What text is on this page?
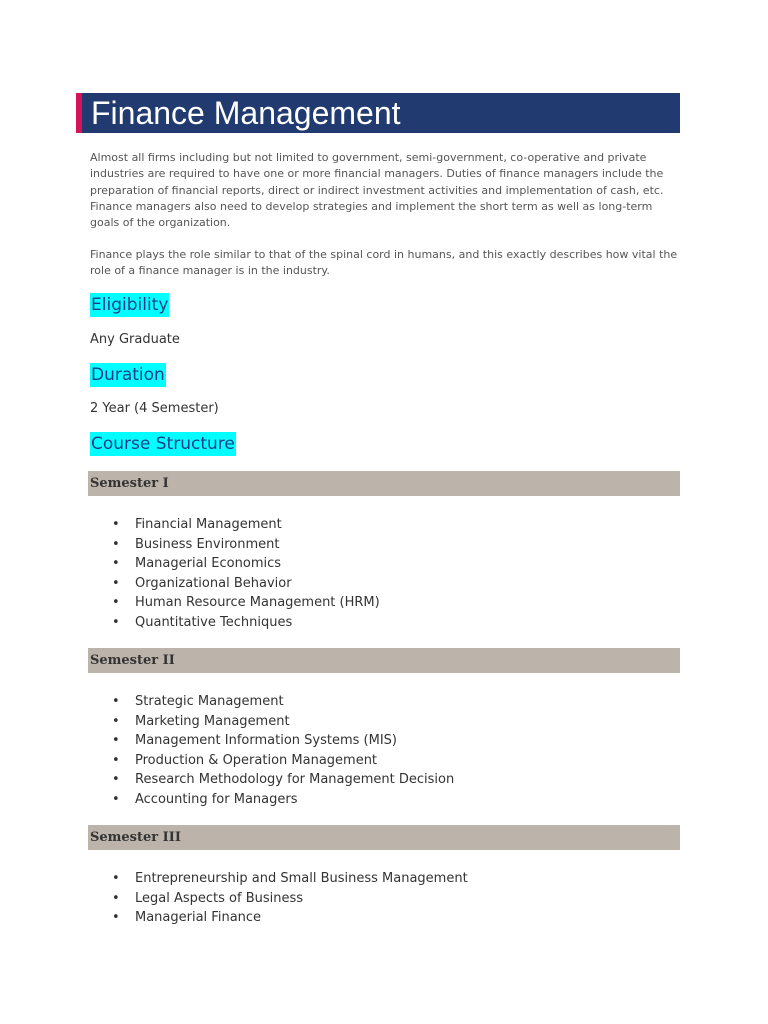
Finance Management

Almost all firms including but not limited to government, semi-government, co-operative and private industries are required to have one or more financial managers. Duties of finance managers include the preparation of financial reports, direct or indirect investment activities and implementation of cash, etc. Finance managers also need to develop strategies and implement the short term as well as long-term goals of the organization.

Finance plays the role similar to that of the spinal cord in humans, and this exactly describes how vital the role of a finance manager is in the industry.

Eligibility

Any Graduate

Duration

2 Year (4 Semester)

Course Structure
Semester I
• Financial Management
• Business Environment
• Managerial Economics
• Organizational Behavior
• Human Resource Management (HRM)
• Quantitative Techniques
Semester II
• Strategic Management
• Marketing Management
• Management Information Systems (MIS)
• Production & Operation Management
• Research Methodology for Management Decision
• Accounting for Managers
Semester III
• Entrepreneurship and Small Business Management
• Legal Aspects of Business
• Managerial Finance
